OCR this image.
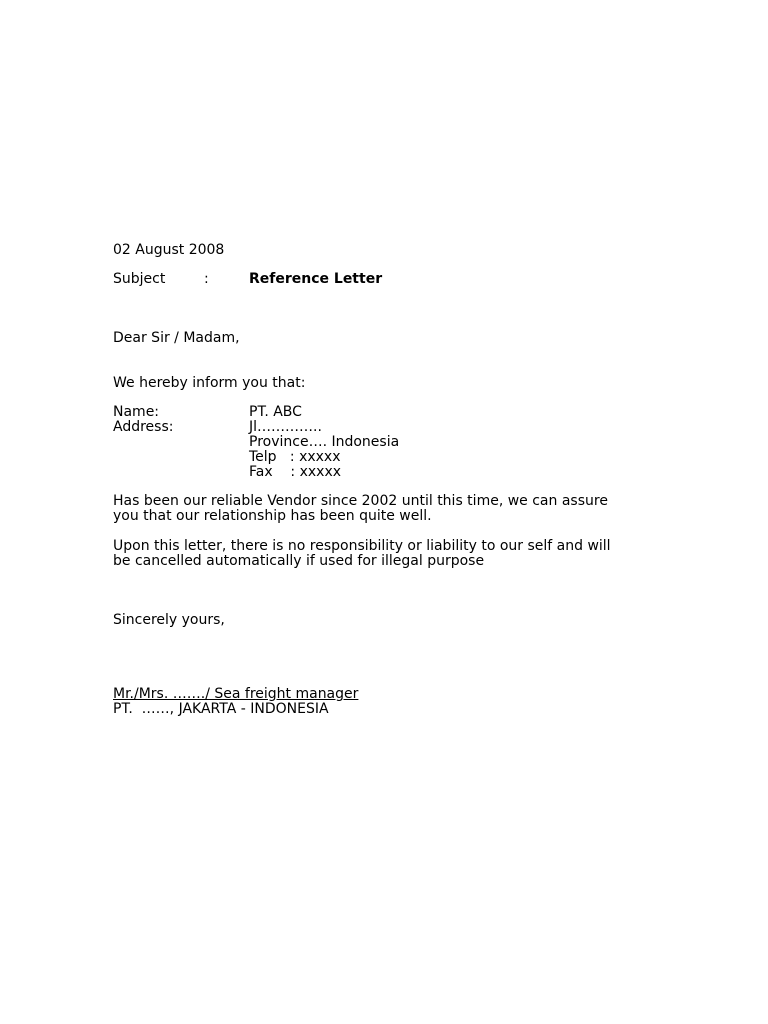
02 August 2008
Subject	:	Reference Letter
Dear Sir / Madam,
We hereby inform you that:
Name:	PT. ABC
Address:	Jl…………..
Province…. Indonesia
Telp   : xxxxx
Fax    : xxxxx
Has been our reliable Vendor since 2002 until this time, we can assure
you that our relationship has been quite well.
Upon this letter, there is no responsibility or liability to our self and will
be cancelled automatically if used for illegal purpose
Sincerely yours,
Mr./Mrs. ……./ Sea freight manager
PT.  ……, JAKARTA - INDONESIA
